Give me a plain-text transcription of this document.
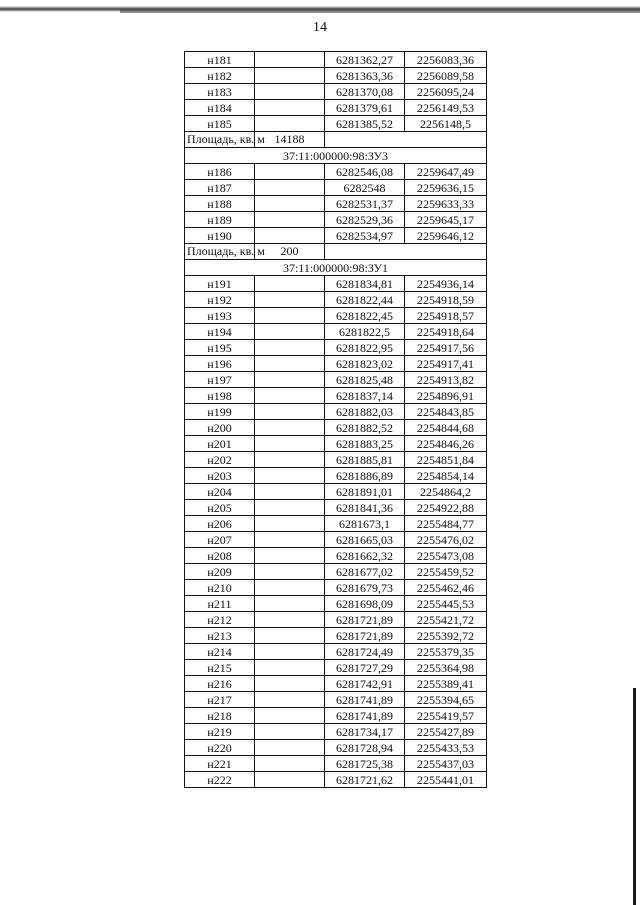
14
н181		6281362,27	2256083,36
н182		6281363,36	2256089,58
н183		6281370,08	2256095,24
н184		6281379,61	2256149,53
н185		6281385,52	2256148,5
Площадь, кв. м	14188		
37:11:000000:98:ЗУ3			
н186		6282546,08	2259647,49
н187		6282548	2259636,15
н188		6282531,37	2259633,33
н189		6282529,36	2259645,17
н190		6282534,97	2259646,12
Площадь, кв. м	200		
37:11:000000:98:ЗУ1			
н191		6281834,81	2254936,14
н192		6281822,44	2254918,59
н193		6281822,45	2254918,57
н194		6281822,5	2254918,64
н195		6281822,95	2254917,56
н196		6281823,02	2254917,41
н197		6281825,48	2254913,82
н198		6281837,14	2254896,91
н199		6281882,03	2254843,85
н200		6281882,52	2254844,68
н201		6281883,25	2254846,26
н202		6281885,81	2254851,84
н203		6281886,89	2254854,14
н204		6281891,01	2254864,2
н205		6281841,36	2254922,88
н206		6281673,1	2255484,77
н207		6281665,03	2255476,02
н208		6281662,32	2255473,08
н209		6281677,02	2255459,52
н210		6281679,73	2255462,46
н211		6281698,09	2255445,53
н212		6281721,89	2255421,72
н213		6281721,89	2255392,72
н214		6281724,49	2255379,35
н215		6281727,29	2255364,98
н216		6281742,91	2255389,41
н217		6281741,89	2255394,65
н218		6281741,89	2255419,57
н219		6281734,17	2255427,89
н220		6281728,94	2255433,53
н221		6281725,38	2255437,03
н222		6281721,62	2255441,01
